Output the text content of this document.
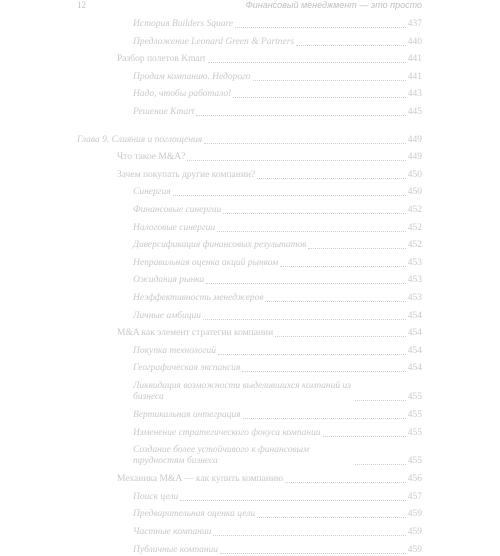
12	Финансовый менеджмент — это просто
История Builders Square	437
Предложение Leonard Green & Partners	440
Разбор полетов Kmart	441
Продам компанию. Недорого	441
Надо, чтобы работало!	443
Решение Kmart	445
Глава 9. Слияния и поглощения	449
Что такое M&A?	449
Зачем покупать другие компании?	450
Синергия	450
Финансовые синергии	452
Налоговые синергии	452
Диверсификация финансовых результатов	452
Неправильная оценка акций рынком	453
Ожидания рынка	453
Неэффективность менеджеров	453
Личные амбиции	454
M&A как элемент стратегии компании	454
Покупка технологий	454
Географическая экспансия	454
Ликвидация возможности выделившихся компаний из бизнеса	455
Вертикальная интеграция	455
Изменение стратегического фокуса компании	455
Создание более устойчивого к финансовым трудностям бизнеса	455
Механика M&A — как купить компанию	456
Поиск цели	457
Предварительная оценка цели	459
Частные компании	459
Публичные компании	459
